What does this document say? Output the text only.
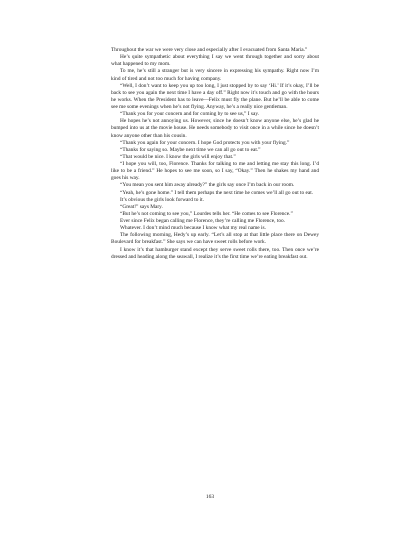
Throughout the war we were very close and especially after I evacuated from Santa Maria.”

He’s quite sympathetic about everything I say we went through together and sorry about what happened to my mom.

To me, he’s still a stranger but is very sincere in expressing his sympathy. Right now I’m kind of tired and not too much for having company.

“Well, I don’t want to keep you up too long, I just stopped by to say ‘Hi.’ If it’s okay, I’ll be back to see you again the next time I have a day off.” Right now it’s touch and go with the hours he works. When the President has to leave—Felix must fly the plane. But he’ll be able to come see me some evenings when he’s not flying. Anyway, he’s a really nice gentleman.

“Thank you for your concern and for coming by to see us,” I say.

He hopes he’s not annoying us. However, since he doesn’t know anyone else, he’s glad he bumped into us at the movie house. He needs somebody to visit once in a while since he doesn’t know anyone other than his cousin.

“Thank you again for your concern. I hope God protects you with your flying.”

“Thanks for saying so. Maybe next time we can all go out to eat.”

“That would be nice. I know the girls will enjoy that.”

“I hope you will, too, Florence. Thanks for talking to me and letting me stay this long. I’d like to be a friend.” He hopes to see me soon, so I say, “Okay.” Then he shakes my hand and goes his way.

“You mean you sent him away already?” the girls say once I’m back in our room.

“Yeah, he’s gone home.” I tell them perhaps the next time he comes we’ll all go out to eat.

It’s obvious the girls look forward to it.

“Great!” says Mary.

“But he’s not coming to see you,” Lourdes tells her. “He comes to see Florence.”

Ever since Felix began calling me Florence, they’re calling me Florence, too.

Whatever. I don’t mind much because I know what my real name is.

The following morning, Hedy’s up early. “Let’s all stop at that little place there on Dewey Boulevard for breakfast.” She says we can have sweet rolls before work.

I know it’s that hamburger stand except they serve sweet rolls there, too. Then once we’re dressed and heading along the seawall, I realize it’s the first time we’re eating breakfast out.

163
